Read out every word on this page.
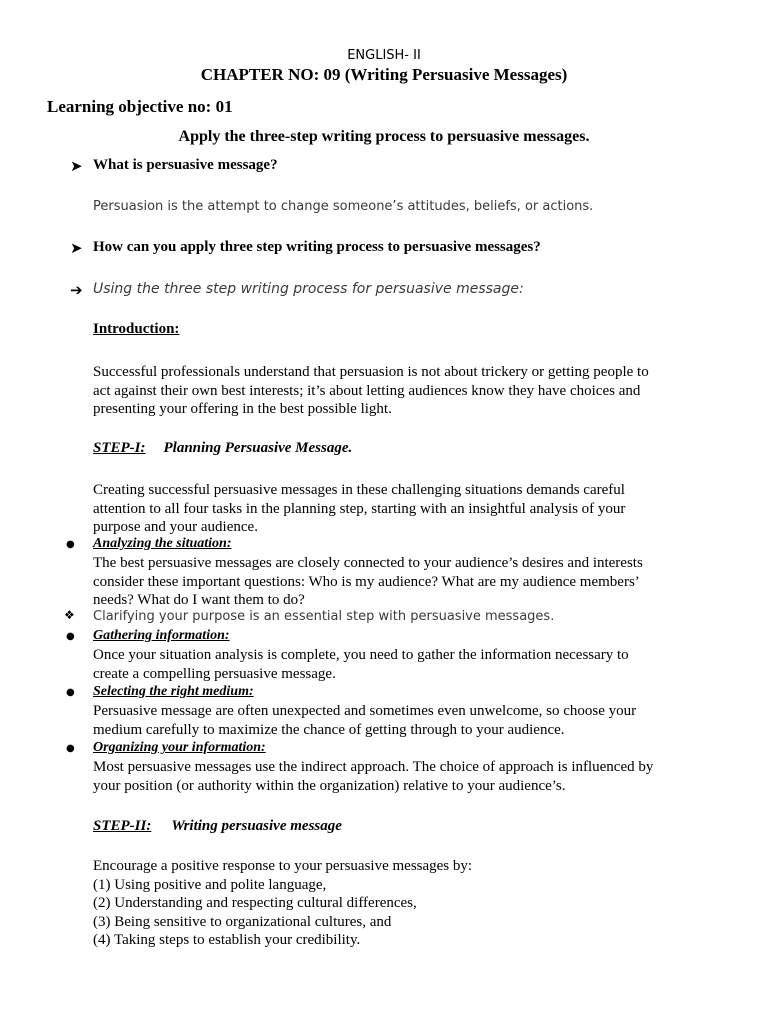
ENGLISH- II
CHAPTER NO: 09 (Writing Persuasive Messages)
Learning objective no: 01
Apply the three-step writing process to persuasive messages.
➤ What is persuasive message?
Persuasion is the attempt to change someone’s attitudes, beliefs, or actions.
➤ How can you apply three step writing process to persuasive messages?
➔ Using the three step writing process for persuasive message:
Introduction:
Successful professionals understand that persuasion is not about trickery or getting people to
act against their own best interests; it’s about letting audiences know they have choices and
presenting your offering in the best possible light.
STEP-I: Planning Persuasive Message.
Creating successful persuasive messages in these challenging situations demands careful
attention to all four tasks in the planning step, starting with an insightful analysis of your
purpose and your audience.
● Analyzing the situation:
The best persuasive messages are closely connected to your audience’s desires and interests
consider these important questions: Who is my audience? What are my audience members’
needs? What do I want them to do?
❖ Clarifying your purpose is an essential step with persuasive messages.
● Gathering information:
Once your situation analysis is complete, you need to gather the information necessary to
create a compelling persuasive message.
● Selecting the right medium:
Persuasive message are often unexpected and sometimes even unwelcome, so choose your
medium carefully to maximize the chance of getting through to your audience.
● Organizing your information:
Most persuasive messages use the indirect approach. The choice of approach is influenced by
your position (or authority within the organization) relative to your audience’s.
STEP-II: Writing persuasive message
Encourage a positive response to your persuasive messages by:
(1) Using positive and polite language,
(2) Understanding and respecting cultural differences,
(3) Being sensitive to organizational cultures, and
(4) Taking steps to establish your credibility.
